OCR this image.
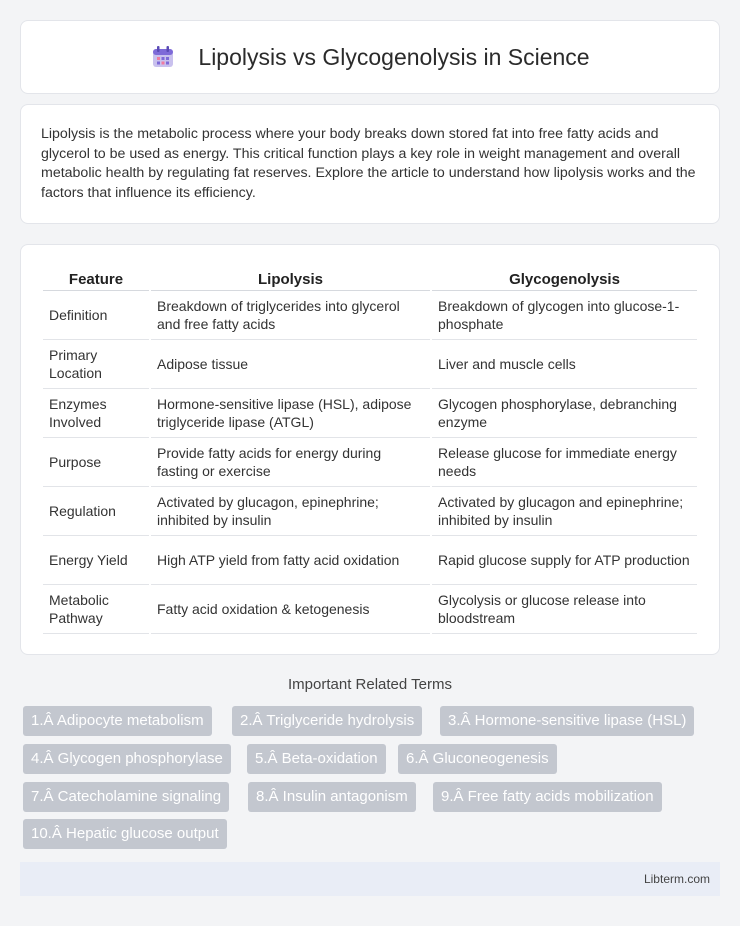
Lipolysis vs Glycogenolysis in Science

Lipolysis is the metabolic process where your body breaks down stored fat into free fatty acids and glycerol to be used as energy. This critical function plays a key role in weight management and overall metabolic health by regulating fat reserves. Explore the article to understand how lipolysis works and the factors that influence its efficiency.

Feature	Lipolysis	Glycogenolysis
Definition	Breakdown of triglycerides into glycerol and free fatty acids	Breakdown of glycogen into glucose-1-phosphate
Primary Location	Adipose tissue	Liver and muscle cells
Enzymes Involved	Hormone-sensitive lipase (HSL), adipose triglyceride lipase (ATGL)	Glycogen phosphorylase, debranching enzyme
Purpose	Provide fatty acids for energy during fasting or exercise	Release glucose for immediate energy needs
Regulation	Activated by glucagon, epinephrine; inhibited by insulin	Activated by glucagon and epinephrine; inhibited by insulin
Energy Yield	High ATP yield from fatty acid oxidation	Rapid glucose supply for ATP production
Metabolic Pathway	Fatty acid oxidation & ketogenesis	Glycolysis or glucose release into bloodstream
Important Related Terms
1.Â Adipocyte metabolism	2.Â Triglyceride hydrolysis	3.Â Hormone-sensitive lipase (HSL)
4.Â Glycogen phosphorylase	5.Â Beta-oxidation	6.Â Gluconeogenesis
7.Â Catecholamine signaling	8.Â Insulin antagonism	9.Â Free fatty acids mobilization
10.Â Hepatic glucose output
Libterm.com
